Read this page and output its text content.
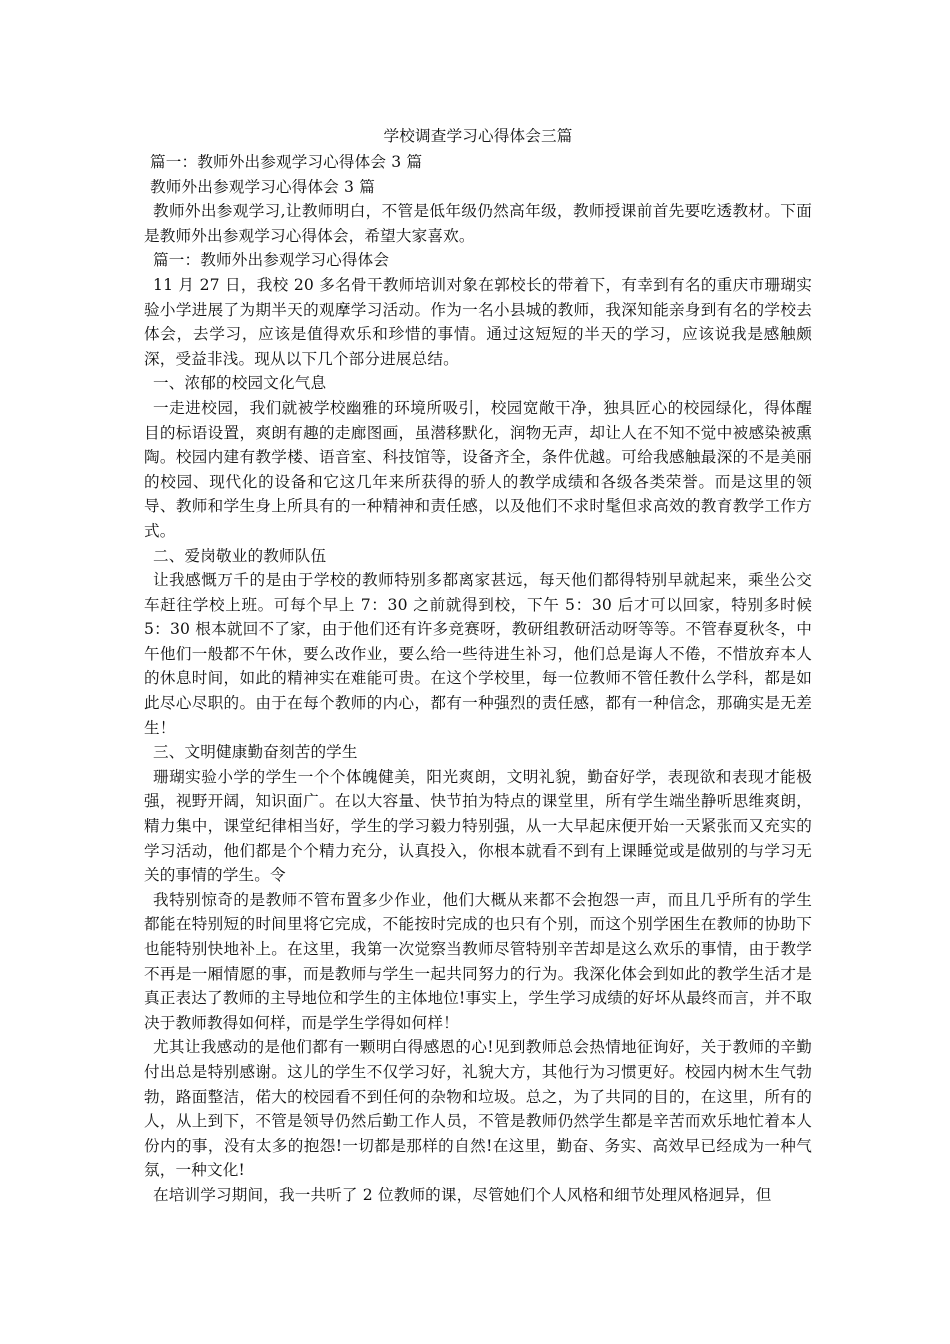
学校调查学习心得体会三篇

篇一：教师外出参观学习心得体会 3 篇

教师外出参观学习心得体会 3 篇

教师外出参观学习,让教师明白，不管是低年级仍然高年级，教师授课前首先要吃透教材。下面是教师外出参观学习心得体会，希望大家喜欢。

篇一：教师外出参观学习心得体会

11 月 27 日，我校 20 多名骨干教师培训对象在郭校长的带着下，有幸到有名的重庆市珊瑚实验小学进展了为期半天的观摩学习活动。作为一名小县城的教师，我深知能亲身到有名的学校去体会，去学习，应该是值得欢乐和珍惜的事情。通过这短短的半天的学习，应该说我是感触颇深，受益非浅。现从以下几个部分进展总结。

一、浓郁的校园文化气息

一走进校园，我们就被学校幽雅的环境所吸引，校园宽敞干净，独具匠心的校园绿化，得体醒目的标语设置，爽朗有趣的走廊图画，虽潜移默化，润物无声，却让人在不知不觉中被感染被熏陶。校园内建有教学楼、语音室、科技馆等，设备齐全，条件优越。可给我感触最深的不是美丽的校园、现代化的设备和它这几年来所获得的骄人的教学成绩和各级各类荣誉。而是这里的领导、教师和学生身上所具有的一种精神和责任感，以及他们不求时髦但求高效的教育教学工作方式。

二、爱岗敬业的教师队伍

让我感慨万千的是由于学校的教师特别多都离家甚远，每天他们都得特别早就起来，乘坐公交车赶往学校上班。可每个早上 7：30 之前就得到校，下午 5：30 后才可以回家，特别多时候 5：30 根本就回不了家，由于他们还有许多竞赛呀，教研组教研活动呀等等。不管春夏秋冬，中午他们一般都不午休，要么改作业，要么给一些待进生补习，他们总是诲人不倦，不惜放弃本人的休息时间，如此的精神实在难能可贵。在这个学校里，每一位教师不管任教什么学科，都是如此尽心尽职的。由于在每个教师的内心，都有一种强烈的责任感，都有一种信念，那确实是无差生！

三、文明健康勤奋刻苦的学生

珊瑚实验小学的学生一个个体魄健美，阳光爽朗，文明礼貌，勤奋好学，表现欲和表现才能极强，视野开阔，知识面广。在以大容量、快节拍为特点的课堂里，所有学生端坐静听思维爽朗，精力集中，课堂纪律相当好，学生的学习毅力特别强，从一大早起床便开始一天紧张而又充实的学习活动，他们都是个个精力充分，认真投入，你根本就看不到有上课睡觉或是做别的与学习无关的事情的学生。令

我特别惊奇的是教师不管布置多少作业，他们大概从来都不会抱怨一声，而且几乎所有的学生都能在特别短的时间里将它完成，不能按时完成的也只有个别，而这个别学困生在教师的协助下也能特别快地补上。在这里，我第一次觉察当教师尽管特别辛苦却是这么欢乐的事情，由于教学不再是一厢情愿的事，而是教师与学生一起共同努力的行为。我深化体会到如此的教学生活才是真正表达了教师的主导地位和学生的主体地位!事实上，学生学习成绩的好坏从最终而言，并不取决于教师教得如何样，而是学生学得如何样！

尤其让我感动的是他们都有一颗明白得感恩的心!见到教师总会热情地征询好，关于教师的辛勤付出总是特别感谢。这儿的学生不仅学习好，礼貌大方，其他行为习惯更好。校园内树木生气勃勃，路面整洁，偌大的校园看不到任何的杂物和垃圾。总之，为了共同的目的，在这里，所有的人，从上到下，不管是领导仍然后勤工作人员，不管是教师仍然学生都是辛苦而欢乐地忙着本人份内的事，没有太多的抱怨!一切都是那样的自然!在这里，勤奋、务实、高效早已经成为一种气氛，一种文化!

在培训学习期间，我一共听了 2 位教师的课，尽管她们个人风格和细节处理风格迥异，但
